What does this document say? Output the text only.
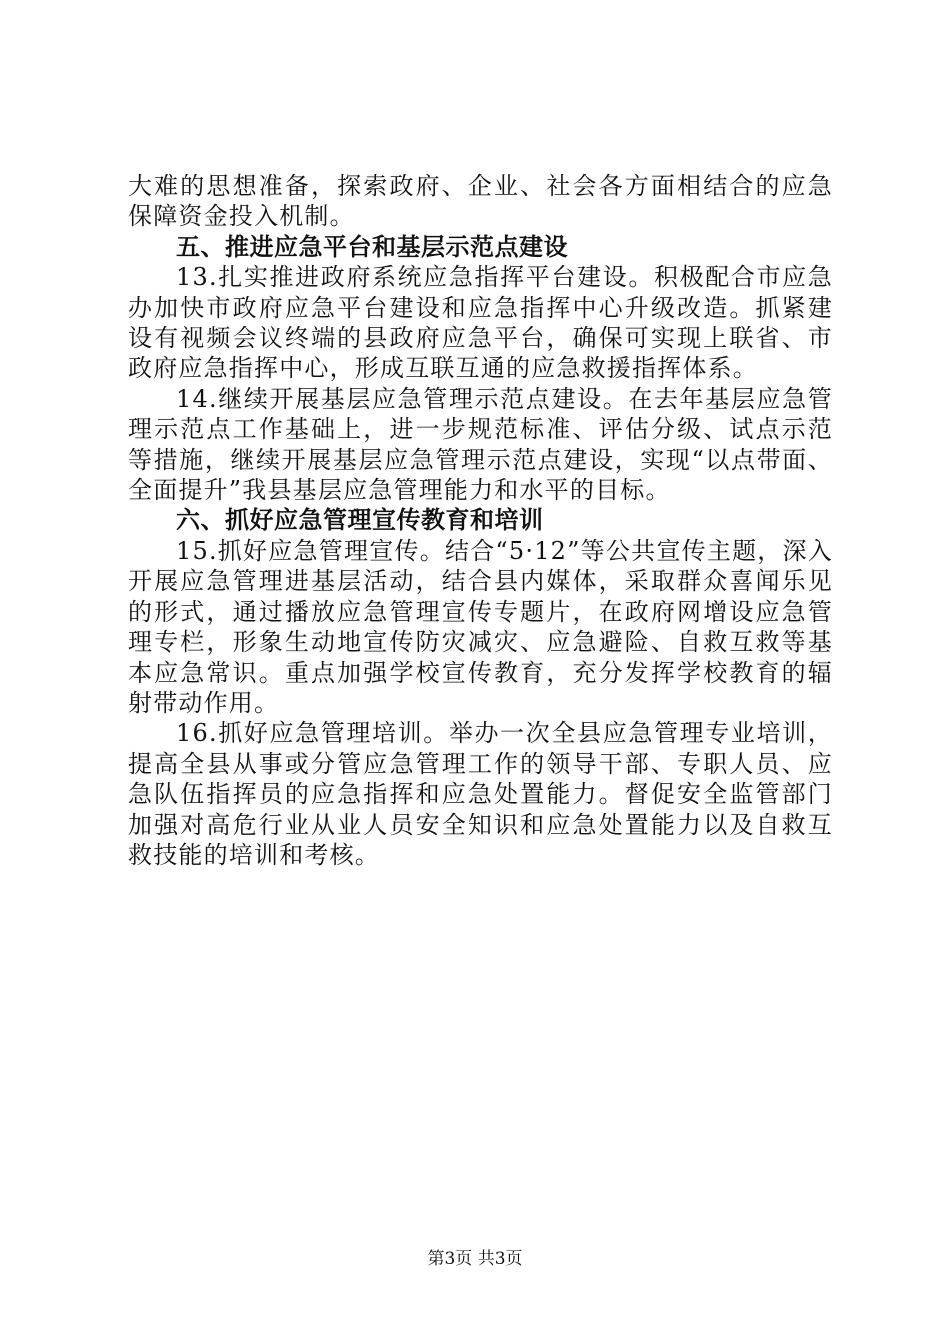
大难的思想准备，探索政府、企业、社会各方面相结合的应急保障资金投入机制。

五、推进应急平台和基层示范点建设

13.扎实推进政府系统应急指挥平台建设。积极配合市应急办加快市政府应急平台建设和应急指挥中心升级改造。抓紧建设有视频会议终端的县政府应急平台，确保可实现上联省、市政府应急指挥中心，形成互联互通的应急救援指挥体系。

14.继续开展基层应急管理示范点建设。在去年基层应急管理示范点工作基础上，进一步规范标准、评估分级、试点示范等措施，继续开展基层应急管理示范点建设，实现“以点带面、全面提升”我县基层应急管理能力和水平的目标。

六、抓好应急管理宣传教育和培训

15.抓好应急管理宣传。结合“5·12”等公共宣传主题，深入开展应急管理进基层活动，结合县内媒体，采取群众喜闻乐见的形式，通过播放应急管理宣传专题片，在政府网增设应急管理专栏，形象生动地宣传防灾减灾、应急避险、自救互救等基本应急常识。重点加强学校宣传教育，充分发挥学校教育的辐射带动作用。

16.抓好应急管理培训。举办一次全县应急管理专业培训，提高全县从事或分管应急管理工作的领导干部、专职人员、应急队伍指挥员的应急指挥和应急处置能力。督促安全监管部门加强对高危行业从业人员安全知识和应急处置能力以及自救互救技能的培训和考核。

第3页 共3页
